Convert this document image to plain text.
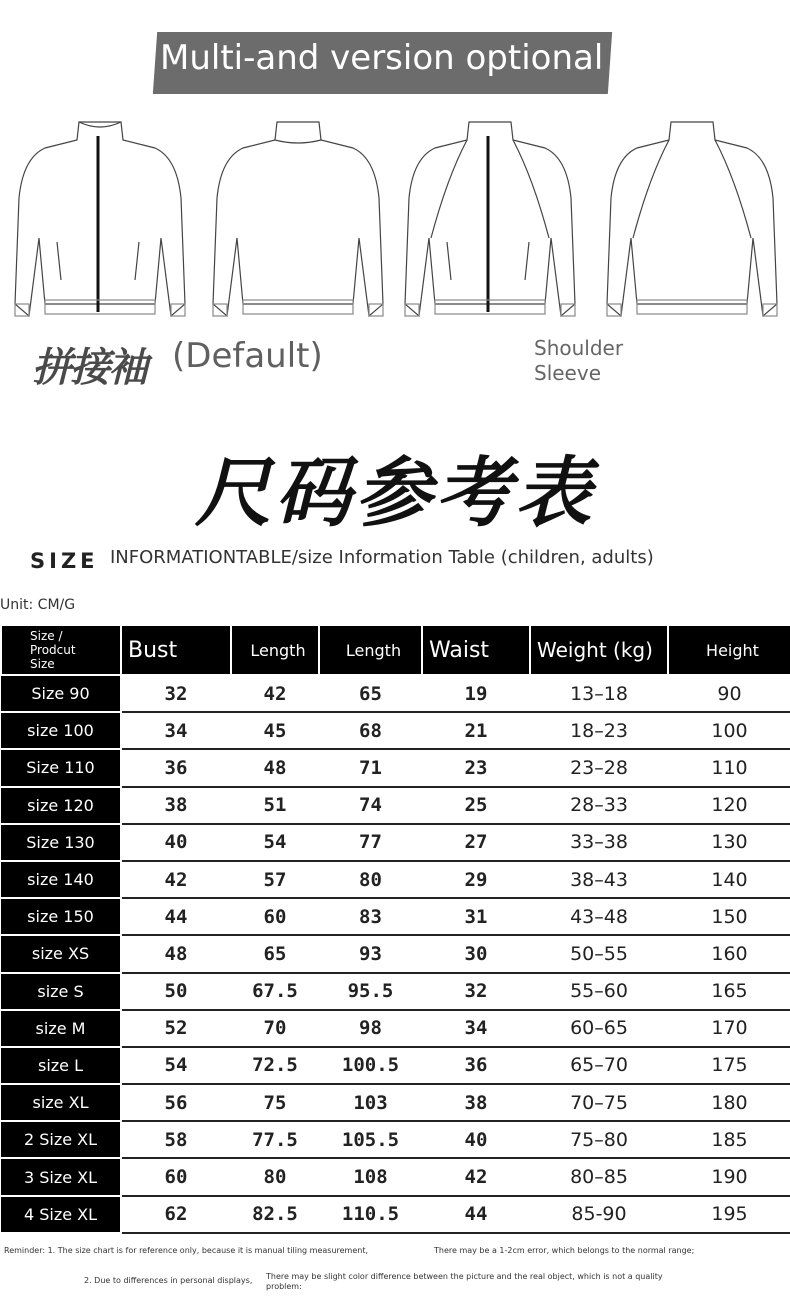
Multi-and version optional
拼接袖 (Default)	Shoulder
Sleeve
尺码参考表
SIZE INFORMATIONTABLE/size Information Table (children, adults)
Unit: CM/G
Size /
Prodcut
Size	Bust	Length	Length	Waist	Weight (kg)	Height
Size 90	32	42	65	19	13–18	90
size 100	34	45	68	21	18–23	100
Size 110	36	48	71	23	23–28	110
size 120	38	51	74	25	28–33	120
Size 130	40	54	77	27	33–38	130
size 140	42	57	80	29	38–43	140
size 150	44	60	83	31	43–48	150
size XS	48	65	93	30	50–55	160
size S	50	67.5	95.5	32	55–60	165
size M	52	70	98	34	60–65	170
size L	54	72.5	100.5	36	65–70	175
size XL	56	75	103	38	70–75	180
2 Size XL	58	77.5	105.5	40	75–80	185
3 Size XL	60	80	108	42	80–85	190
4 Size XL	62	82.5	110.5	44	85-90	195
Reminder: 1. The size chart is for reference only, because it is manual tiling measurement,	There may be a 1-2cm error, which belongs to the normal range;
2. Due to differences in personal displays, There may be slight color difference between the picture and the real object, which is not a quality
problem:
